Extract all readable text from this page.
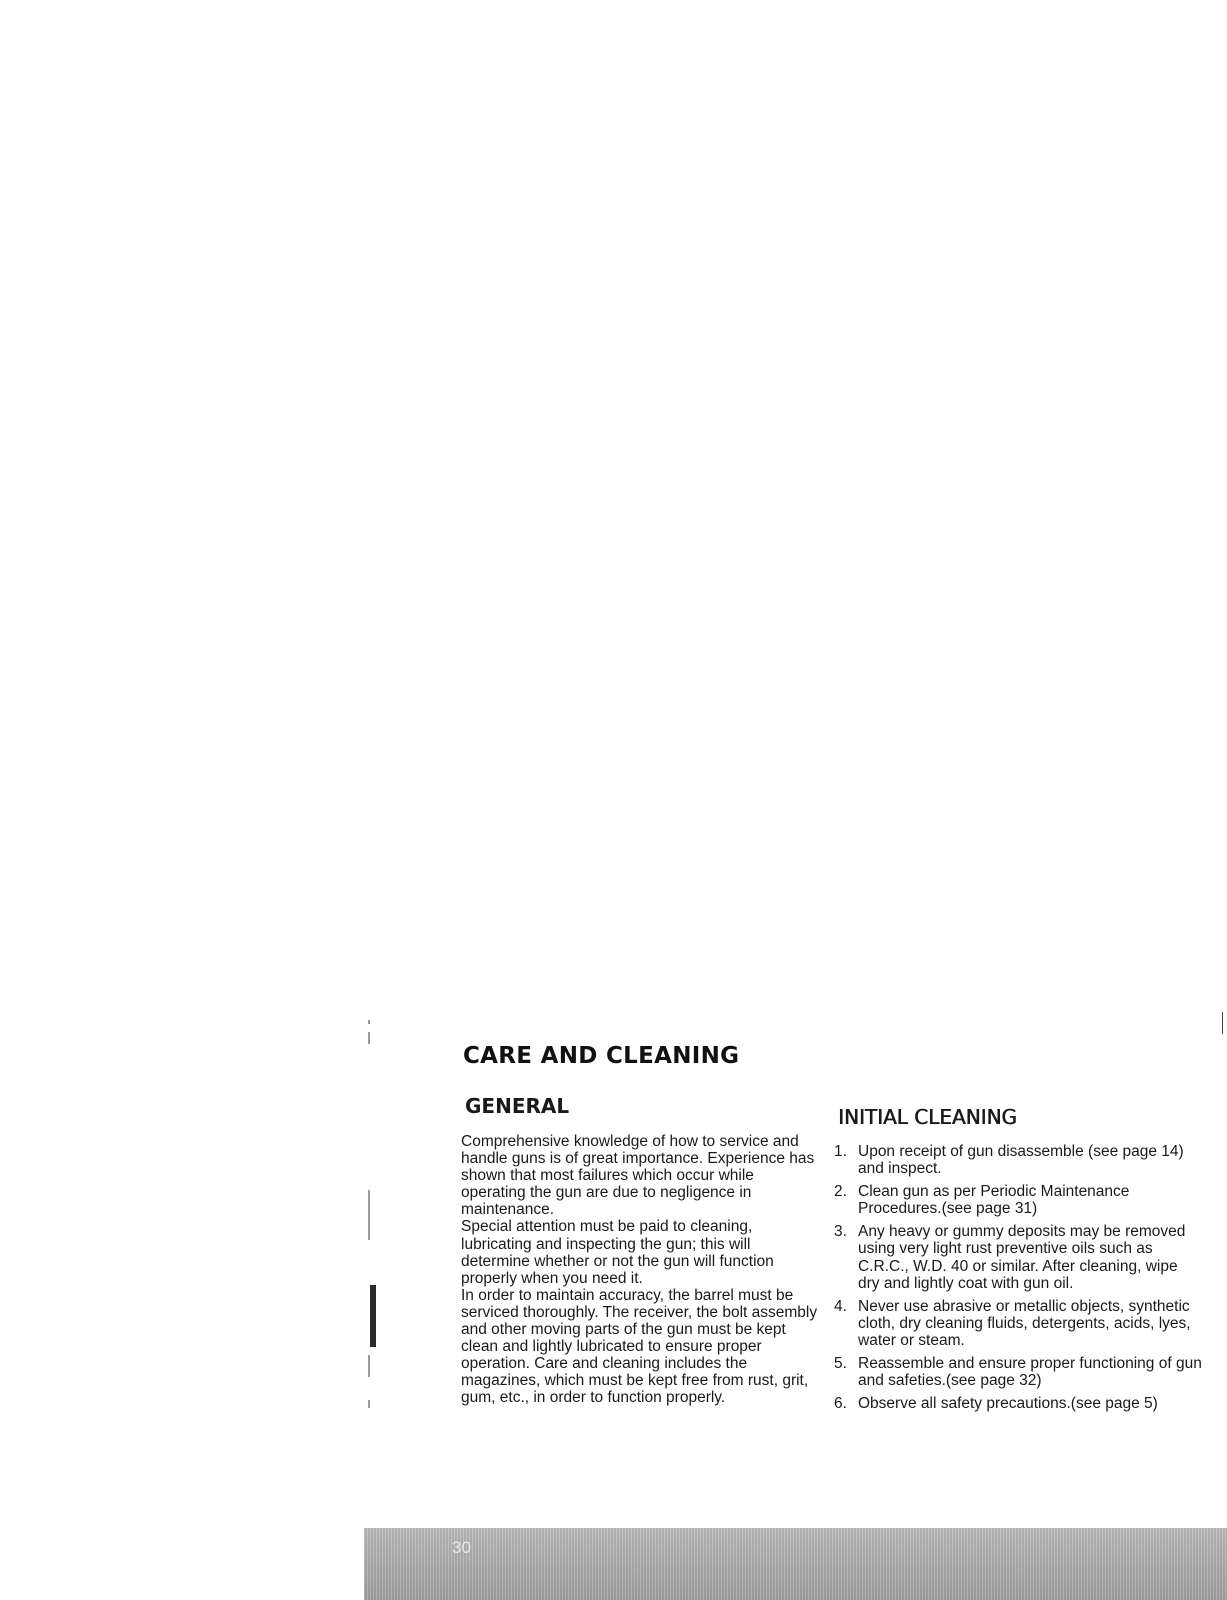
CARE AND CLEANING
GENERAL

Comprehensive knowledge of how to service and handle guns is of great importance. Experience has shown that most failures which occur while operating the gun are due to negligence in maintenance.

Special attention must be paid to cleaning, lubricating and inspecting the gun; this will determine whether or not the gun will function properly when you need it.

In order to maintain accuracy, the barrel must be serviced thoroughly. The receiver, the bolt assembly and other moving parts of the gun must be kept clean and lightly lubricated to ensure proper operation. Care and cleaning includes the magazines, which must be kept free from rust, grit, gum, etc., in order to function properly.

INITIAL CLEANING
1. Upon receipt of gun disassemble (see page 14) and inspect.
2. Clean gun as per Periodic Maintenance Procedures.(see page 31)
3. Any heavy or gummy deposits may be removed using very light rust preventive oils such as C.R.C., W.D. 40 or similar. After cleaning, wipe dry and lightly coat with gun oil.
4. Never use abrasive or metallic objects, synthetic cloth, dry cleaning fluids, detergents, acids, lyes, water or steam.
5. Reassemble and ensure proper functioning of gun and safeties.(see page 32)
6. Observe all safety precautions.(see page 5)
30
